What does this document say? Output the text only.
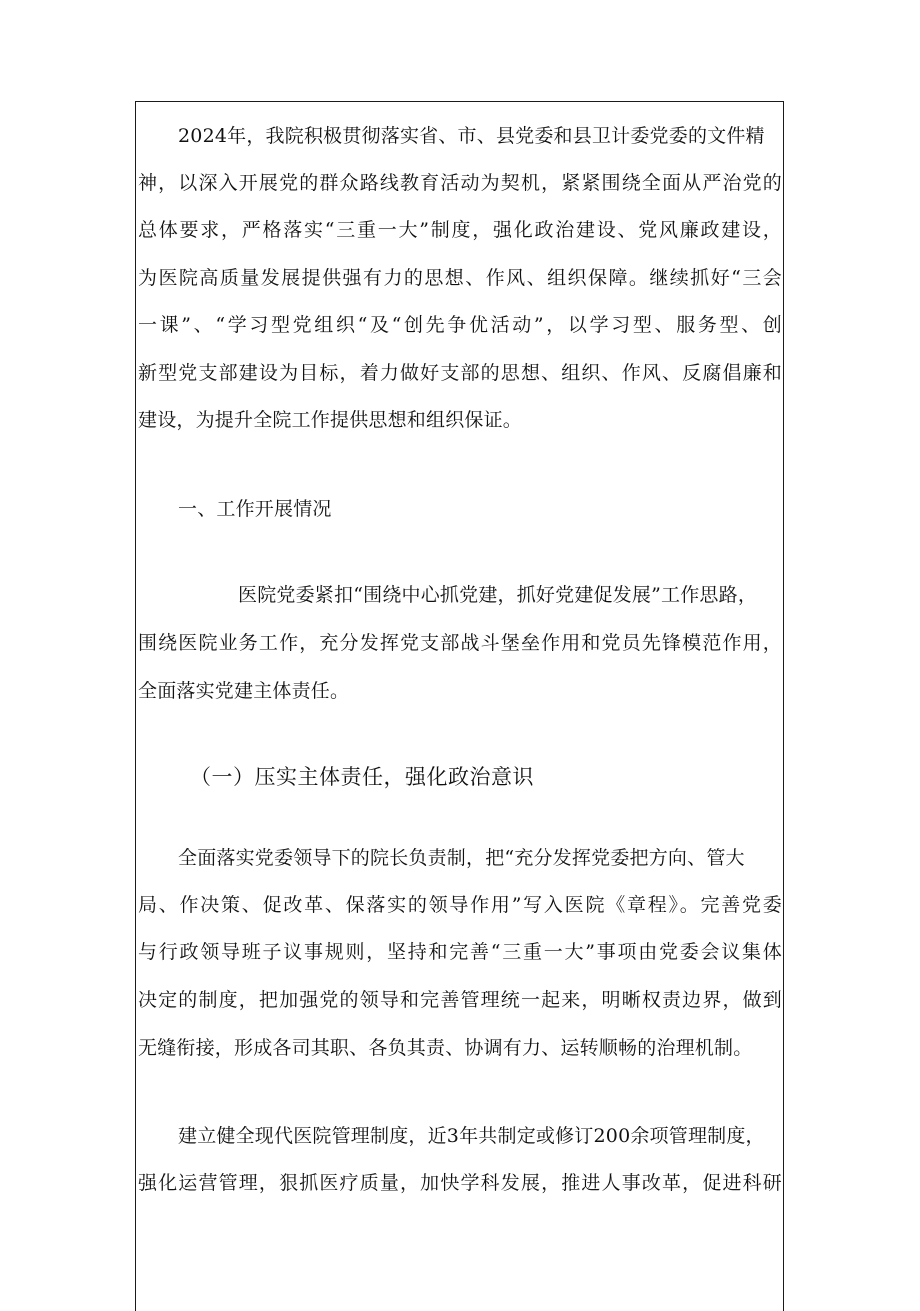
2024年，我院积极贯彻落实省、市、县党委和县卫计委党委的文件精
神，以深入开展党的群众路线教育活动为契机，紧紧围绕全面从严治党的
总体要求，严格落实“三重一大”制度，强化政治建设、党风廉政建设，
为医院高质量发展提供强有力的思想、作风、组织保障。继续抓好“三会
一课”、“学习型党组织“及“创先争优活动”，以学习型、服务型、创
新型党支部建设为目标，着力做好支部的思想、组织、作风、反腐倡廉和
建设，为提升全院工作提供思想和组织保证。
一、工作开展情况
医院党委紧扣“围绕中心抓党建，抓好党建促发展”工作思路，
围绕医院业务工作，充分发挥党支部战斗堡垒作用和党员先锋模范作用，
全面落实党建主体责任。
（一）压实主体责任，强化政治意识
全面落实党委领导下的院长负责制，把“充分发挥党委把方向、管大
局、作决策、促改革、保落实的领导作用”写入医院《章程》。完善党委
与行政领导班子议事规则，坚持和完善“三重一大”事项由党委会议集体
决定的制度，把加强党的领导和完善管理统一起来，明晰权责边界，做到
无缝衔接，形成各司其职、各负其责、协调有力、运转顺畅的治理机制。
建立健全现代医院管理制度，近3年共制定或修订200余项管理制度，
强化运营管理，狠抓医疗质量，加快学科发展，推进人事改革，促进科研
